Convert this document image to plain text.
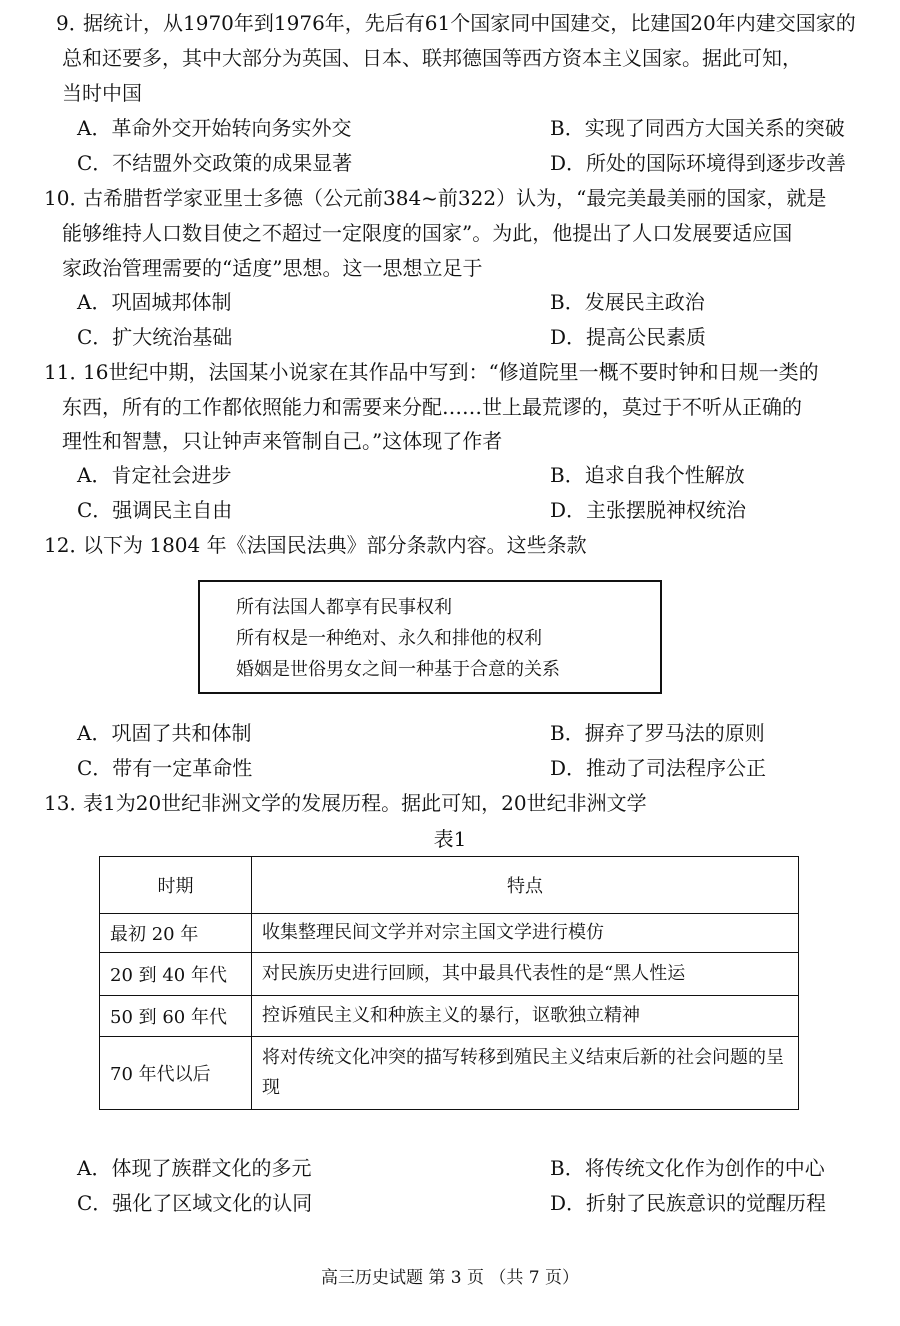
9．
据统计，从1970年到1976年，先后有61个国家同中国建交，比建国20年内建交国家的
总和还要多，其中大部分为英国、日本、联邦德国等西方资本主义国家。据此可知，
当时中国
A．革命外交开始转向务实外交	B．实现了同西方大国关系的突破
C．不结盟外交政策的成果显著	D．所处的国际环境得到逐步改善
10．
古希腊哲学家亚里士多德（公元前384~前322）认为，“最完美最美丽的国家，就是
能够维持人口数目使之不超过一定限度的国家”。为此，他提出了人口发展要适应国
家政治管理需要的“适度”思想。这一思想立足于
A．巩固城邦体制	B．发展民主政治
C．扩大统治基础	D．提高公民素质
11．
16世纪中期，法国某小说家在其作品中写到：“修道院里一概不要时钟和日规一类的
东西，所有的工作都依照能力和需要来分配……世上最荒谬的，莫过于不听从正确的
理性和智慧，只让钟声来管制自己。”这体现了作者
A．肯定社会进步	B．追求自我个性解放
C．强调民主自由	D．主张摆脱神权统治
12．
以下为 1804 年《法国民法典》部分条款内容。这些条款
所有法国人都享有民事权利
所有权是一种绝对、永久和排他的权利
婚姻是世俗男女之间一种基于合意的关系
A．巩固了共和体制	B．摒弃了罗马法的原则
C．带有一定革命性	D．推动了司法程序公正
13．
表1为20世纪非洲文学的发展历程。据此可知，20世纪非洲文学
表1
时期	特点
最初 20 年	收集整理民间文学并对宗主国文学进行模仿
20 到 40 年代	对民族历史进行回顾，其中最具代表性的是“黑人性运
50 到 60 年代	控诉殖民主义和种族主义的暴行，讴歌独立精神
70 年代以后	将对传统文化冲突的描写转移到殖民主义结束后新的社会问题的呈现
A．体现了族群文化的多元	B．将传统文化作为创作的中心
C．强化了区域文化的认同	D．折射了民族意识的觉醒历程
高三历史试题 第 3 页 （共 7 页）
